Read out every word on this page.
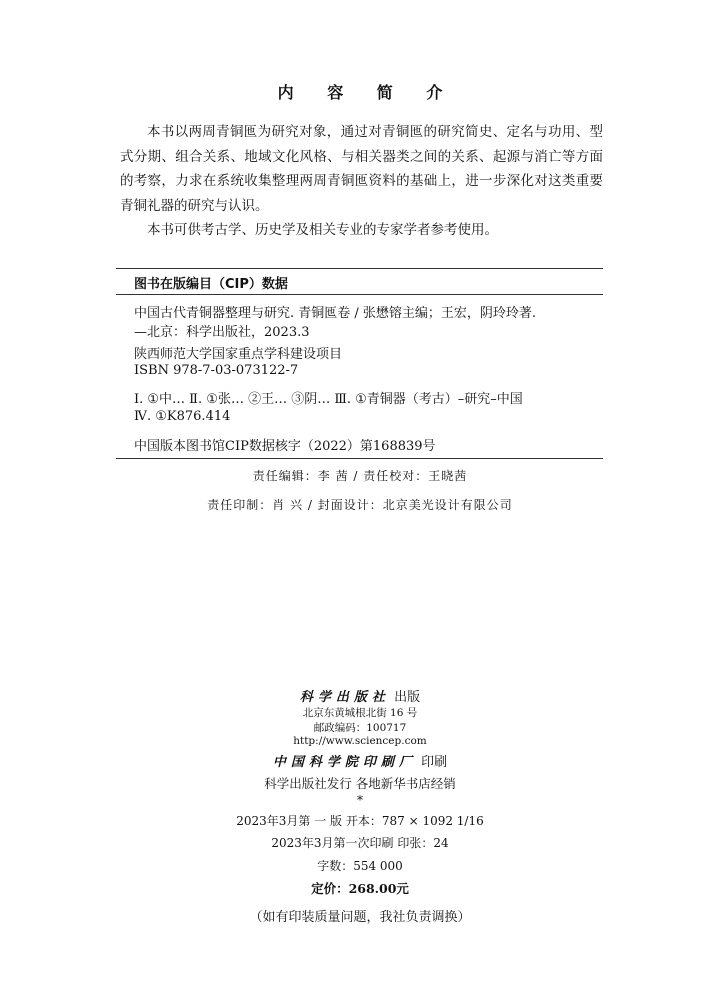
内 容 简 介

本书以两周青铜匜为研究对象，通过对青铜匜的研究简史、定名与功用、型式分期、组合关系、地域文化风格、与相关器类之间的关系、起源与消亡等方面的考察，力求在系统收集整理两周青铜匜资料的基础上，进一步深化对这类重要青铜礼器的研究与认识。

本书可供考古学、历史学及相关专业的专家学者参考使用。

图书在版编目（CIP）数据
中国古代青铜器整理与研究. 青铜匜卷 / 张懋镕主编；王宏，阴玲玲著.
—北京：科学出版社，2023.3
陕西师范大学国家重点学科建设项目
ISBN 978-7-03-073122-7
Ⅰ. ①中… Ⅱ. ①张… ②王… ③阴… Ⅲ. ①青铜器（考古）–研究–中国
Ⅳ. ①K876.414
中国版本图书馆CIP数据核字（2022）第168839号
责任编辑：李 茜 / 责任校对：王晓茜
责任印制：肖 兴 / 封面设计：北京美光设计有限公司
科学出版社 出版
北京东黄城根北街 16 号
邮政编码：100717
http://www.sciencep.com
中国科学院印刷厂 印刷
科学出版社发行 各地新华书店经销
*
2023年3月第 一 版 开本：787 × 1092 1/16
2023年3月第一次印刷 印张：24
字数：554 000
定价：268.00元
（如有印装质量问题，我社负责调换）
